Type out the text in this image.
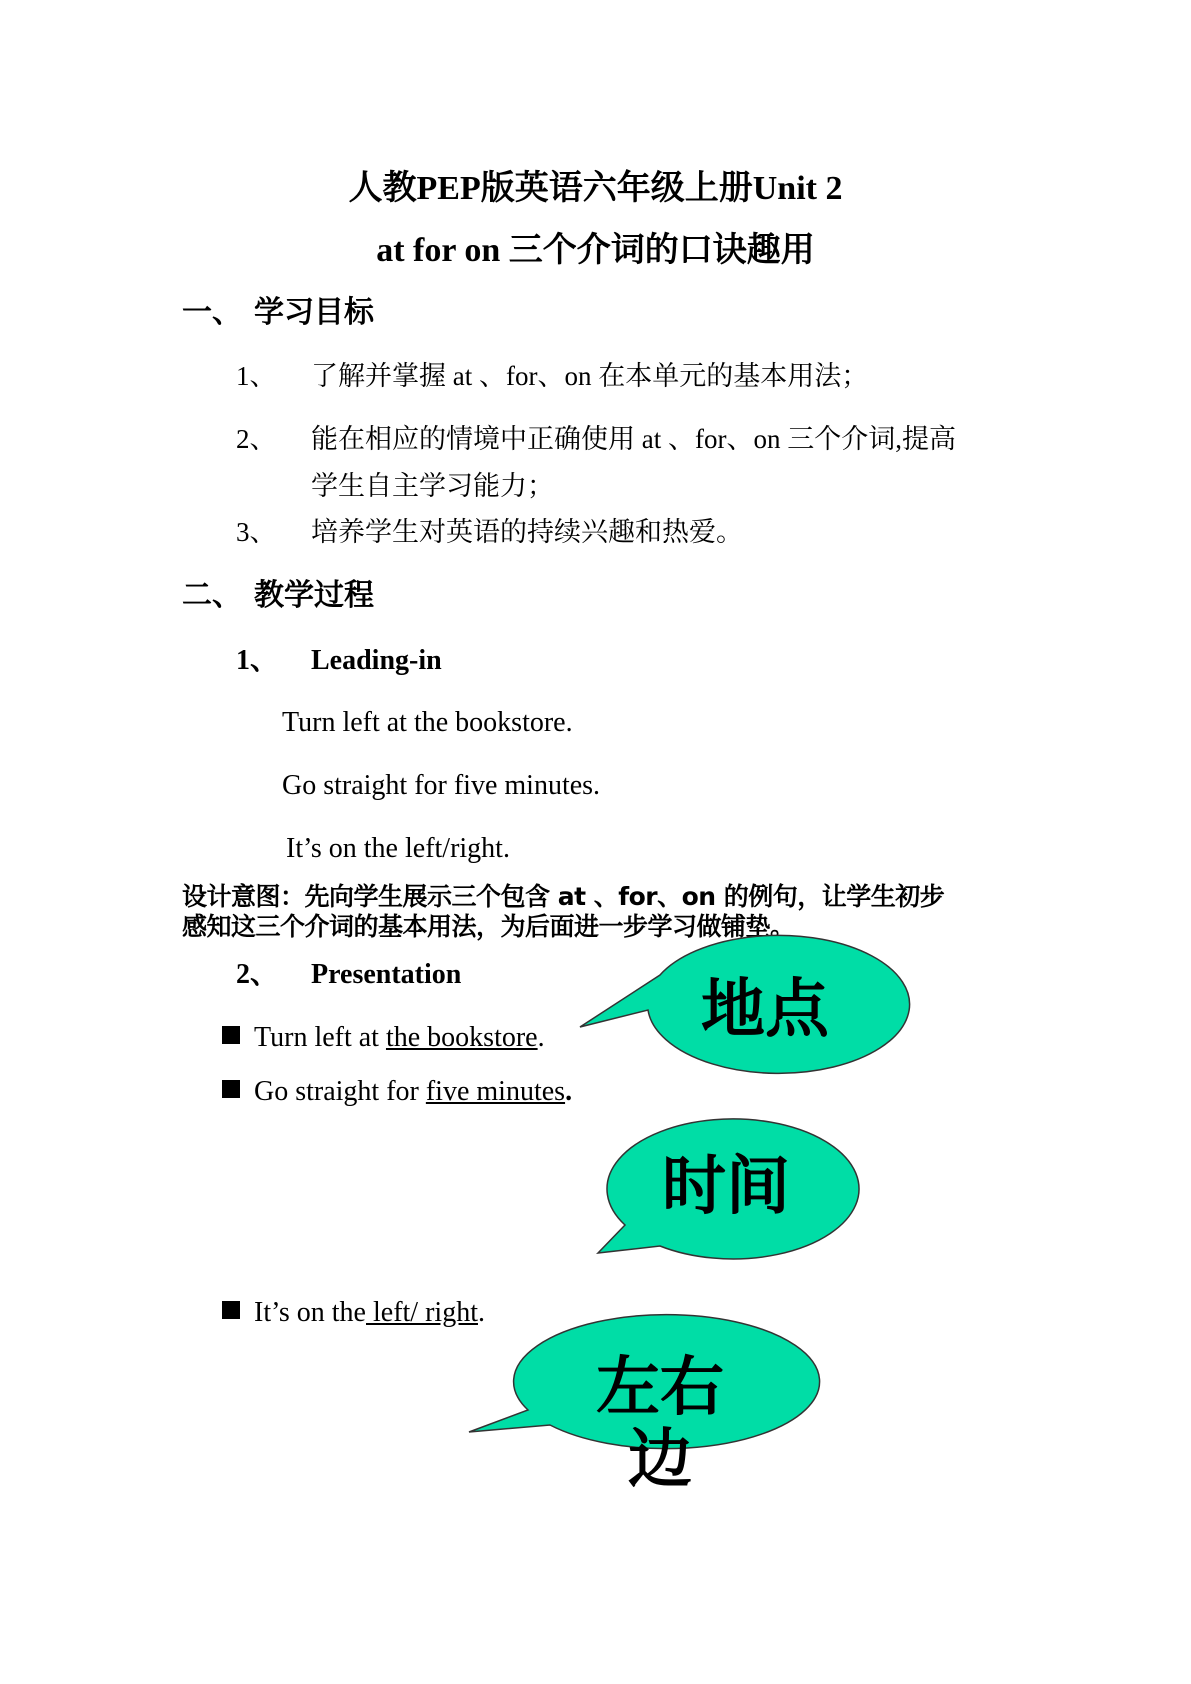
人教PEP版英语六年级上册Unit 2
at for on 三个介词的口诀趣用
一、 学习目标
1、 了解并掌握 at 、for、on 在本单元的基本用法；
2、 能在相应的情境中正确使用 at 、for、on 三个介词,提高
学生自主学习能力；
3、 培养学生对英语的持续兴趣和热爱。
二、 教学过程
1、 Leading-in
Turn left at the bookstore.
Go straight for five minutes.
It’s on the left/right.
设计意图：先向学生展示三个包含 at 、for、on 的例句，让学生初步
感知这三个介词的基本用法，为后面进一步学习做铺垫。
2、 Presentation
Turn left at the bookstore.
Go straight for five minutes.
It’s on the left/ right.
地点
时间
左右
边
